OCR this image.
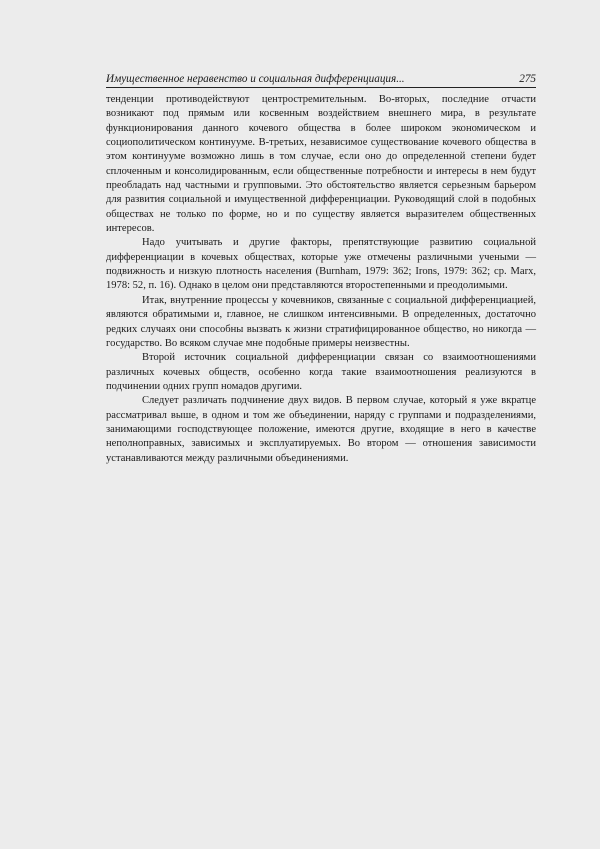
Имущественное неравенство и социальная дифференциация...	275

тенденции противодействуют центростремительным. Во-вторых, последние отчасти возникают под прямым или косвенным воздействием внешнего мира, в результате функционирования данного кочевого общества в более широком экономическом и социополитическом континууме. В-третьих, независимое существование кочевого общества в этом континууме возможно лишь в том случае, если оно до определенной степени будет сплоченным и консолидированным, если общественные потребности и интересы в нем будут преобладать над частными и групповыми. Это обстоятельство является серьезным барьером для развития социальной и имущественной дифференциации. Руководящий слой в подобных обществах не только по форме, но и по существу является выразителем общественных интересов.

Надо учитывать и другие факторы, препятствующие развитию социальной дифференциации в кочевых обществах, которые уже отмечены различными учеными — подвижность и низкую плотность населения (Burnham, 1979: 362; Irons, 1979: 362; ср. Marx, 1978: 52, п. 16). Однако в целом они представляются второстепенными и преодолимыми.

Итак, внутренние процессы у кочевников, связанные с социальной дифференциацией, являются обратимыми и, главное, не слишком интенсивными. В определенных, достаточно редких случаях они способны вызвать к жизни стратифицированное общество, но никогда — государство. Во всяком случае мне подобные примеры неизвестны.

Второй источник социальной дифференциации связан со взаимоотношениями различных кочевых обществ, особенно когда такие взаимоотношения реализуются в подчинении одних групп номадов другими.

Следует различать подчинение двух видов. В первом случае, который я уже вкратце рассматривал выше, в одном и том же объединении, наряду с группами и подразделениями, занимающими господствующее положение, имеются другие, входящие в него в качестве неполноправных, зависимых и эксплуатируемых. Во втором — отношения зависимости устанавливаются между различными объединениями.
